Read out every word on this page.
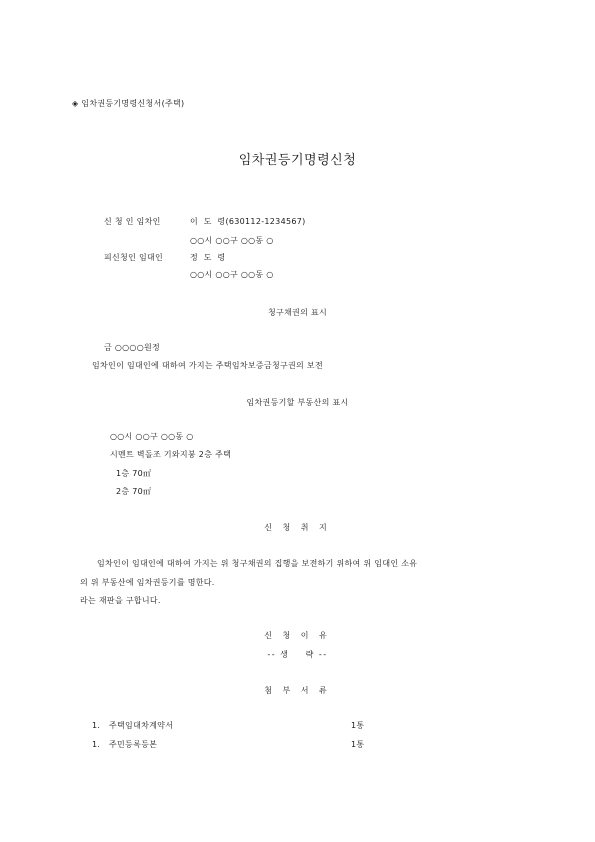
◈ 임차권등기명령신청서(주택)
임차권등기명령신청
신 청 인 임차인	이  도  령(630112-1234567)
○○시 ○○구 ○○동 ○
피신청인 임대인	정  도  령
○○시 ○○구 ○○동 ○
청구채권의 표시
금 ○○○○원정
임차인이 임대인에 대하여 가지는 주택임차보증금청구권의 보전
임차권등기할 부동산의 표시
○○시 ○○구 ○○동 ○
시멘트 벽돌조 기와지붕 2층 주택
1층 70㎡
2층 70㎡
신 청 취 지
임차인이 임대인에 대하여 가지는 위 청구채권의 집행을 보전하기 위하여 위 임대인 소유
의 위 부동산에 임차권등기를 명한다.
라는 재판을 구합니다.
신 청 이 유
-- 생    략 --
첨 부 서 류
1. 주택임대차계약서	1통
1. 주민등록등본	1통
